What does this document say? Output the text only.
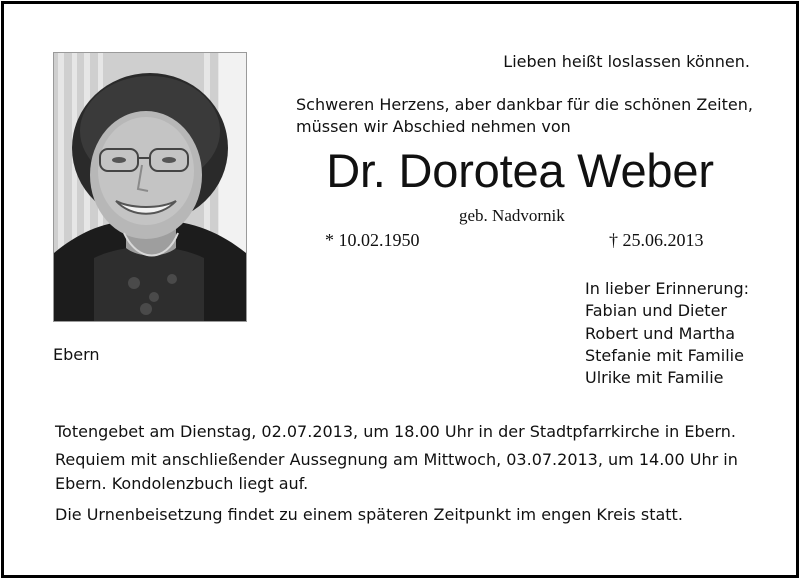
Lieben heißt loslassen können.
Schweren Herzens, aber dankbar für die schönen Zeiten,
müssen wir Abschied nehmen von
Dr. Dorotea Weber
geb. Nadvornik
* 10.02.1950	† 25.06.2013
In lieber Erinnerung:
Fabian und Dieter
Robert und Martha
Stefanie mit Familie
Ulrike mit Familie
Ebern
Totengebet am Dienstag, 02.07.2013, um 18.00 Uhr in der Stadtpfarrkirche in Ebern.
Requiem mit anschließender Aussegnung am Mittwoch, 03.07.2013, um 14.00 Uhr in
Ebern. Kondolenzbuch liegt auf.
Die Urnenbeisetzung findet zu einem späteren Zeitpunkt im engen Kreis statt.
